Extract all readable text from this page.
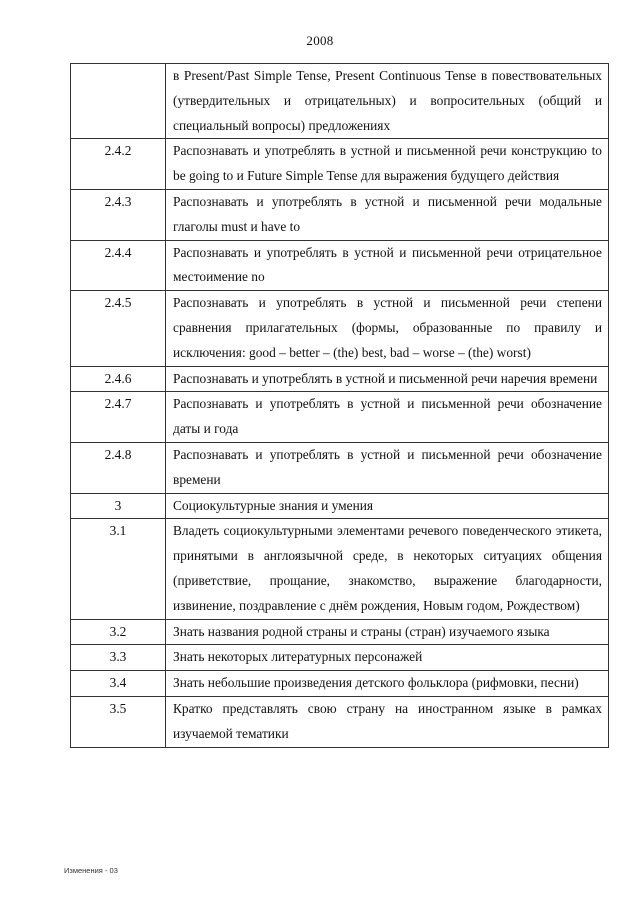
2008

	в Present/Past Simple Tense, Present Continuous Tense в повествовательных (утвердительных и отрицательных) и вопросительных (общий и специальный вопросы) предложениях

2.4.2	Распознавать и употреблять в устной и письменной речи конструкцию to be going to и Future Simple Tense для выражения будущего действия

2.4.3	Распознавать и употреблять в устной и письменной речи модальные глаголы must и have to

2.4.4	Распознавать и употреблять в устной и письменной речи отрицательное местоимение no

2.4.5	Распознавать и употреблять в устной и письменной речи степени сравнения прилагательных (формы, образованные по правилу и исключения: good – better – (the) best, bad – worse – (the) worst)

2.4.6	Распознавать и употреблять в устной и письменной речи наречия времени

2.4.7	Распознавать и употреблять в устной и письменной речи обозначение даты и года

2.4.8	Распознавать и употреблять в устной и письменной речи обозначение времени

3	Социокультурные знания и умения

3.1	Владеть социокультурными элементами речевого поведенческого этикета, принятыми в англоязычной среде, в некоторых ситуациях общения (приветствие, прощание, знакомство, выражение благодарности, извинение, поздравление с днём рождения, Новым годом, Рождеством)

3.2	Знать названия родной страны и страны (стран) изучаемого языка

3.3	Знать некоторых литературных персонажей

3.4	Знать небольшие произведения детского фольклора (рифмовки, песни)

3.5	Кратко представлять свою страну на иностранном языке в рамках изучаемой тематики
Изменения - 03
